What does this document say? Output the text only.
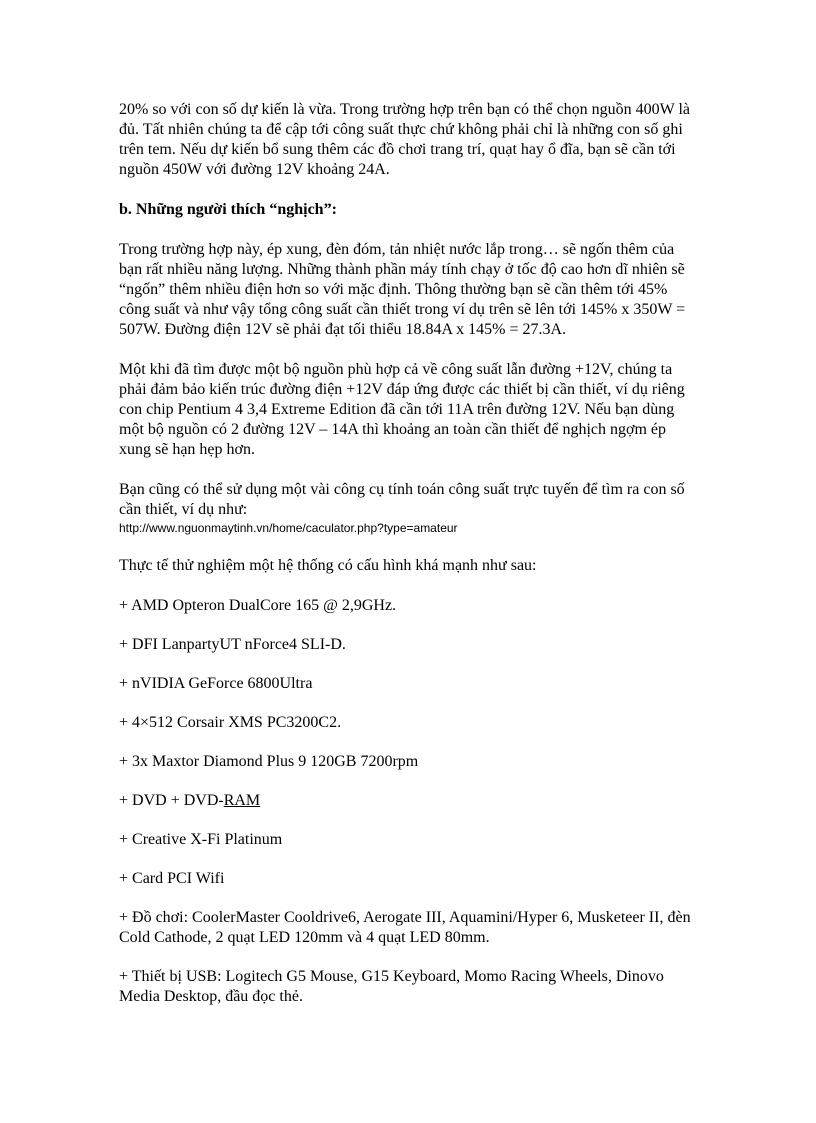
20% so với con số dự kiến là vừa. Trong trường hợp trên bạn có thể chọn nguồn 400W là đủ. Tất nhiên chúng ta để cập tới công suất thực chứ không phải chỉ là những con số ghi trên tem. Nếu dự kiến bổ sung thêm các đồ chơi trang trí, quạt hay ổ đĩa, bạn sẽ cần tới nguồn 450W với đường 12V khoảng 24A.

b. Những người thích “nghịch”:

Trong trường hợp này, ép xung, đèn đóm, tản nhiệt nước lắp trong… sẽ ngốn thêm của bạn rất nhiều năng lượng. Những thành phần máy tính chạy ở tốc độ cao hơn dĩ nhiên sẽ “ngốn” thêm nhiều điện hơn so với mặc định. Thông thường bạn sẽ cần thêm tới 45% công suất và như vậy tổng công suất cần thiết trong ví dụ trên sẽ lên tới 145% x 350W = 507W. Đường điện 12V sẽ phải đạt tối thiểu 18.84A x 145% = 27.3A.

Một khi đã tìm được một bộ nguồn phù hợp cả về công suất lẫn đường +12V, chúng ta phải đảm bảo kiến trúc đường điện +12V đáp ứng được các thiết bị cần thiết, ví dụ riêng con chip Pentium 4 3,4 Extreme Edition đã cần tới 11A trên đường 12V. Nếu bạn dùng một bộ nguồn có 2 đường 12V – 14A thì khoảng an toàn cần thiết để nghịch ngợm ép xung sẽ hạn hẹp hơn.

Bạn cũng có thể sử dụng một vài công cụ tính toán công suất trực tuyến để tìm ra con số cần thiết, ví dụ như:
http://www.nguonmaytinh.vn/home/caculator.php?type=amateur

Thực tế thử nghiệm một hệ thống có cấu hình khá mạnh như sau:

+ AMD Opteron DualCore 165 @ 2,9GHz.

+ DFI LanpartyUT nForce4 SLI-D.

+ nVIDIA GeForce 6800Ultra

+ 4×512 Corsair XMS PC3200C2.

+ 3x Maxtor Diamond Plus 9 120GB 7200rpm

+ DVD + DVD-RAM

+ Creative X-Fi Platinum

+ Card PCI Wifi

+ Đồ chơi: CoolerMaster Cooldrive6, Aerogate III, Aquamini/Hyper 6, Musketeer II, đèn Cold Cathode, 2 quạt LED 120mm và 4 quạt LED 80mm.

+ Thiết bị USB: Logitech G5 Mouse, G15 Keyboard, Momo Racing Wheels, Dinovo Media Desktop, đầu đọc thẻ.
